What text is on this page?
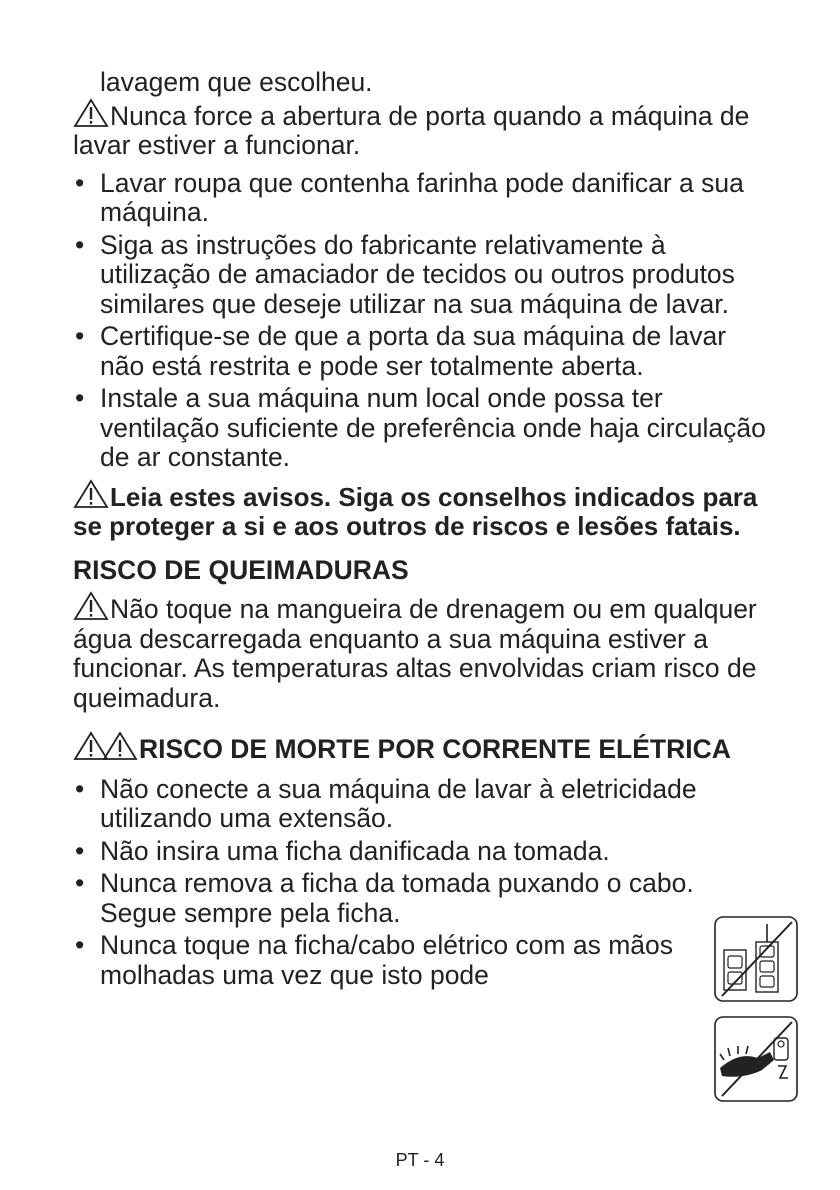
lavagem que escolheu.

Nunca force a abertura de porta quando a máquina de lavar estiver a funcionar.

• Lavar roupa que contenha farinha pode danificar a sua máquina.
• Siga as instruções do fabricante relativamente à utilização de amaciador de tecidos ou outros produtos similares que deseje utilizar na sua máquina de lavar.
• Certifique-se de que a porta da sua máquina de lavar não está restrita e pode ser totalmente aberta.
• Instale a sua máquina num local onde possa ter ventilação suficiente de preferência onde haja circulação de ar constante.

Leia estes avisos. Siga os conselhos indicados para se proteger a si e aos outros de riscos e lesões fatais.

RISCO DE QUEIMADURAS

Não toque na mangueira de drenagem ou em qualquer água descarregada enquanto a sua máquina estiver a funcionar. As temperaturas altas envolvidas criam risco de queimadura.

RISCO DE MORTE POR CORRENTE ELÉTRICA

• Não conecte a sua máquina de lavar à eletricidade utilizando uma extensão.
• Não insira uma ficha danificada na tomada.
• Nunca remova a ficha da tomada puxando o cabo. Segue sempre pela ficha.
• Nunca toque na ficha/cabo elétrico com as mãos molhadas uma vez que isto pode
PT - 4
